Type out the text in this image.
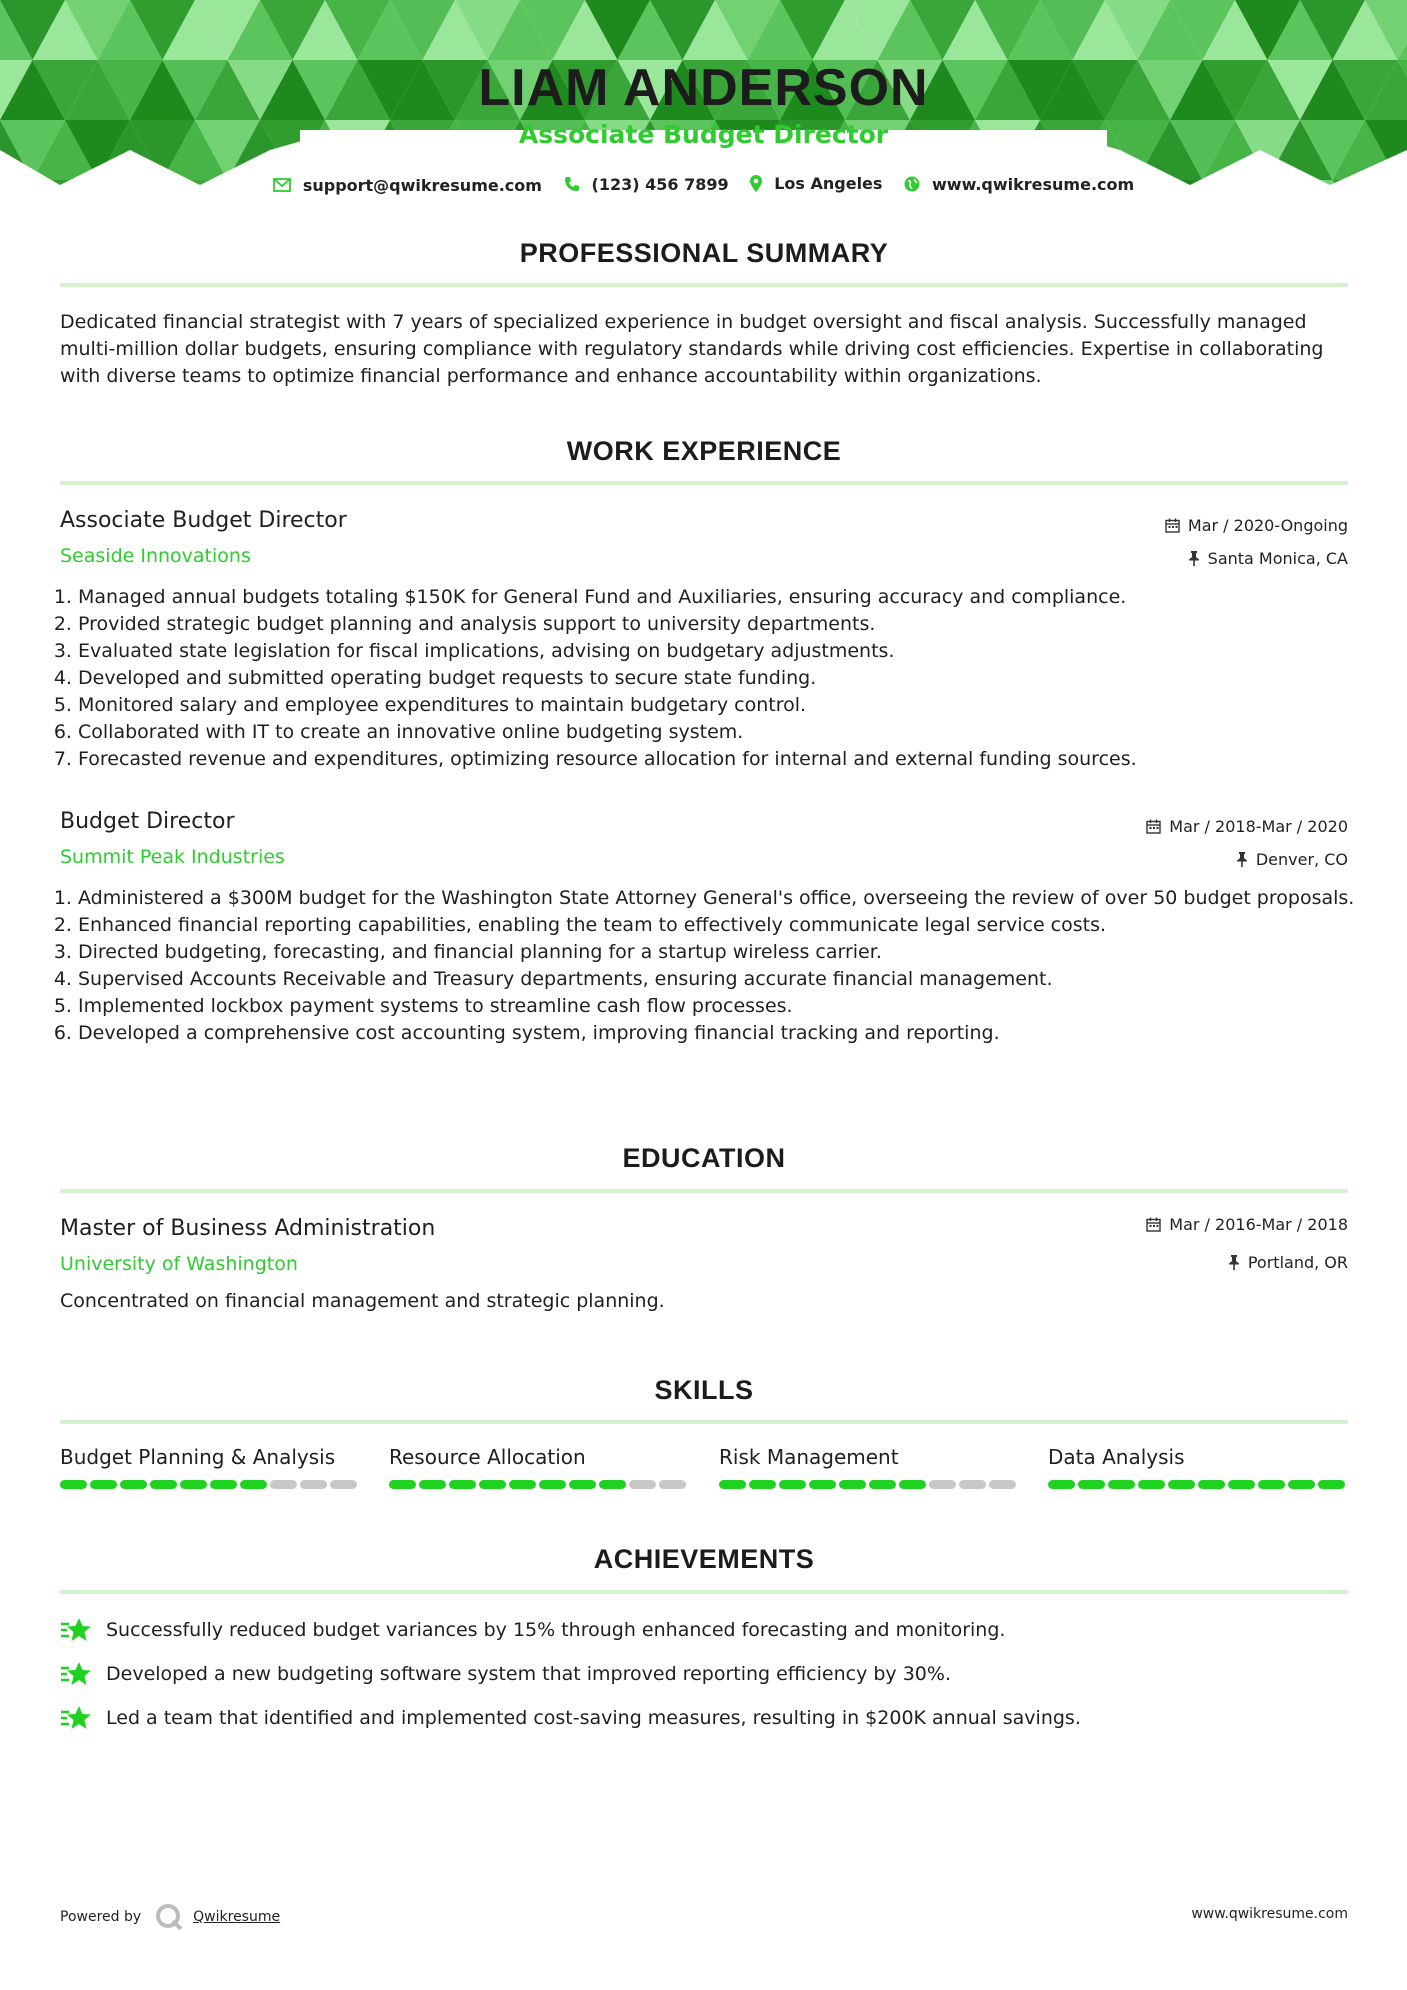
LIAM ANDERSON
Associate Budget Director
support@qwikresume.com
	(123) 456 7899
	Los Angeles
	www.qwikresume.com
PROFESSIONAL SUMMARY
Dedicated financial strategist with 7 years of specialized experience in budget oversight and fiscal analysis. Successfully managed multi-million dollar budgets, ensuring compliance with regulatory standards while driving cost efficiencies. Expertise in collaborating with diverse teams to optimize financial performance and enhance accountability within organizations.
WORK EXPERIENCE
Associate Budget Director
Seaside Innovations
Mar / 2020-Ongoing
Santa Monica, CA
1. Managed annual budgets totaling $150K for General Fund and Auxiliaries, ensuring accuracy and compliance.
2. Provided strategic budget planning and analysis support to university departments.
3. Evaluated state legislation for fiscal implications, advising on budgetary adjustments.
4. Developed and submitted operating budget requests to secure state funding.
5. Monitored salary and employee expenditures to maintain budgetary control.
6. Collaborated with IT to create an innovative online budgeting system.
7. Forecasted revenue and expenditures, optimizing resource allocation for internal and external funding sources.
Budget Director
Summit Peak Industries
Mar / 2018-Mar / 2020
Denver, CO
1. Administered a $300M budget for the Washington State Attorney General's office, overseeing the review of over 50 budget proposals.
2. Enhanced financial reporting capabilities, enabling the team to effectively communicate legal service costs.
3. Directed budgeting, forecasting, and financial planning for a startup wireless carrier.
4. Supervised Accounts Receivable and Treasury departments, ensuring accurate financial management.
5. Implemented lockbox payment systems to streamline cash flow processes.
6. Developed a comprehensive cost accounting system, improving financial tracking and reporting.
EDUCATION
Master of Business Administration
University of Washington
Mar / 2016-Mar / 2018
Portland, OR
Concentrated on financial management and strategic planning.
SKILLS
Budget Planning & Analysis	Resource Allocation	Risk Management	Data Analysis
ACHIEVEMENTS
Successfully reduced budget variances by 15% through enhanced forecasting and monitoring.
Developed a new budgeting software system that improved reporting efficiency by 30%.
Led a team that identified and implemented cost-saving measures, resulting in $200K annual savings.
Powered by	Qwikresume	www.qwikresume.com
